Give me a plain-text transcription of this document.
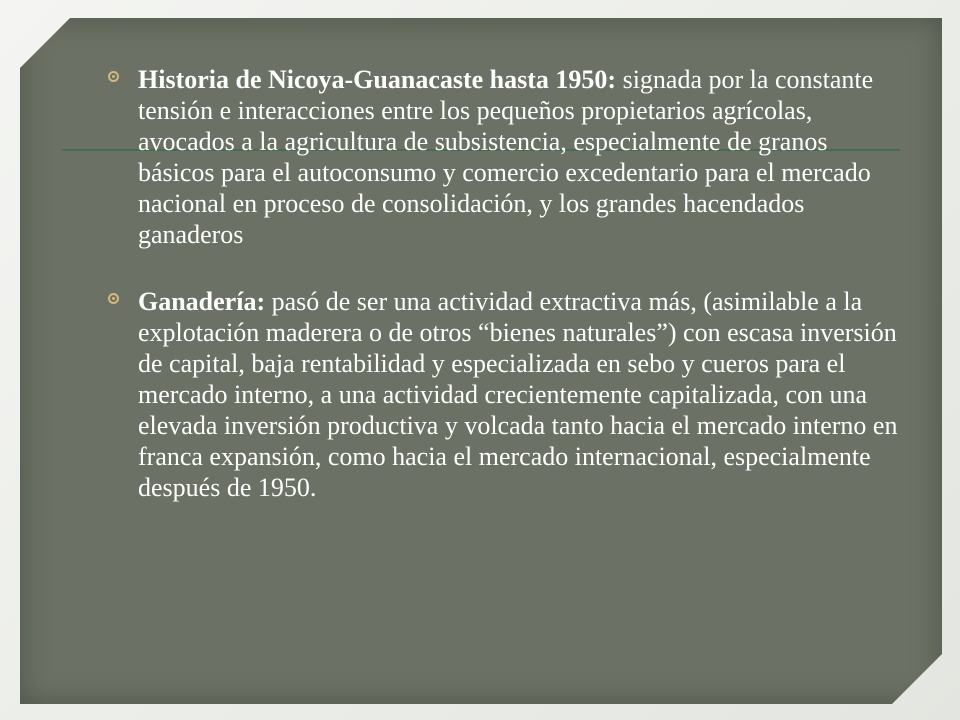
Historia de Nicoya-Guanacaste hasta 1950: signada por la constante tensión e interacciones entre los pequeños propietarios agrícolas, avocados a la agricultura de subsistencia, especialmente de granos básicos para el autoconsumo y comercio excedentario para el mercado nacional en proceso de consolidación, y los grandes hacendados ganaderos
Ganadería: pasó de ser una actividad extractiva más, (asimilable a la explotación maderera o de otros “bienes naturales”) con escasa inversión de capital, baja rentabilidad y especializada en sebo y cueros para el mercado interno, a una actividad crecientemente capitalizada, con una elevada inversión productiva y volcada tanto hacia el mercado interno en franca expansión, como hacia el mercado internacional, especialmente después de 1950.
